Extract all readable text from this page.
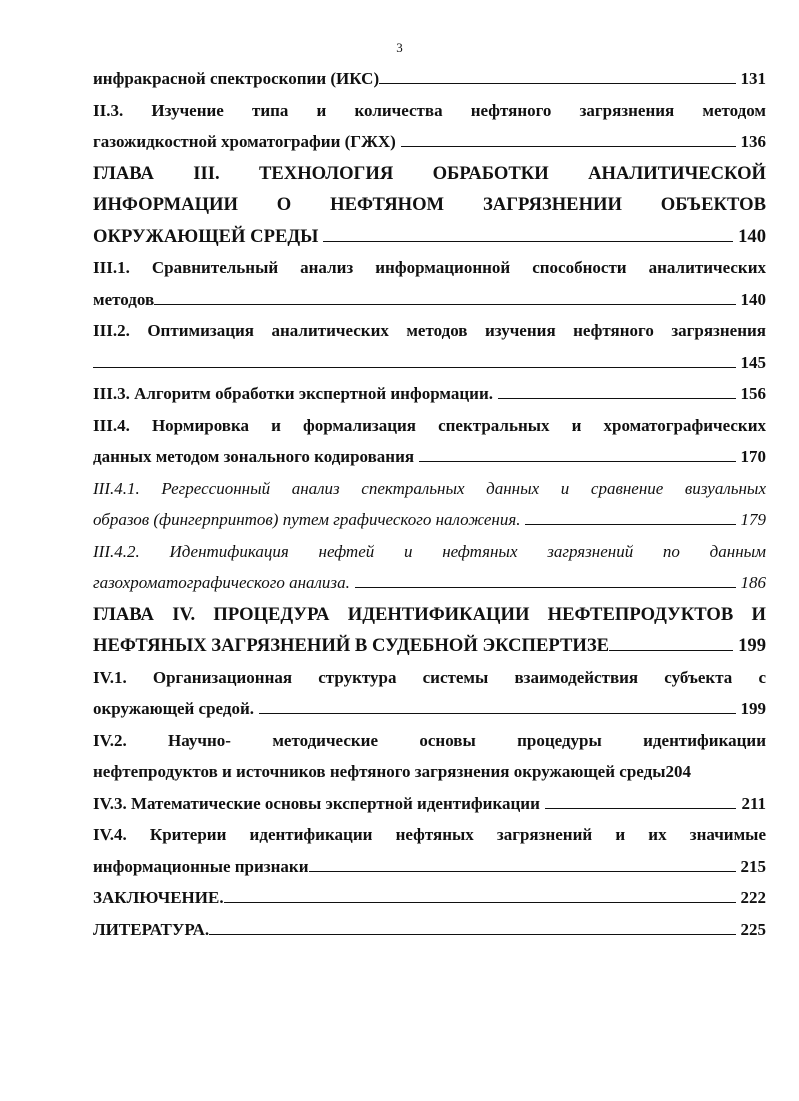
3
инфракрасной спектроскопии (ИКС)	131
II.3. Изучение типа и количества нефтяного загрязнения методом
газожидкостной хроматографии (ГЖХ)	136
ГЛАВА III. ТЕХНОЛОГИЯ ОБРАБОТКИ АНАЛИТИЧЕСКОЙ
ИНФОРМАЦИИ О НЕФТЯНОМ ЗАГРЯЗНЕНИИ ОБЪЕКТОВ
ОКРУЖАЮЩЕЙ СРЕДЫ	140
III.1. Сравнительный анализ информационной способности аналитических
методов	140
III.2. Оптимизация аналитических методов изучения нефтяного загрязнения
145
III.3. Алгоритм обработки экспертной информации.	156
III.4. Нормировка и формализация спектральных и хроматографических
данных методом зонального кодирования	170
III.4.1. Регрессионный анализ спектральных данных и сравнение визуальных
образов (фингерпринтов) путем графического наложения.	179
III.4.2. Идентификация нефтей и нефтяных загрязнений по данным
газохроматографического анализа.	186
ГЛАВА IV. ПРОЦЕДУРА ИДЕНТИФИКАЦИИ НЕФТЕПРОДУКТОВ И
НЕФТЯНЫХ ЗАГРЯЗНЕНИЙ В СУДЕБНОЙ ЭКСПЕРТИЗЕ	199
IV.1. Организационная структура системы взаимодействия субъекта с
окружающей средой.	199
IV.2. Научно- методические основы процедуры идентификации
нефтепродуктов и источников нефтяного загрязнения окружающей среды 204
IV.3. Математические основы экспертной идентификации	211
IV.4. Критерии идентификации нефтяных загрязнений и их значимые
информационные признаки	215
ЗАКЛЮЧЕНИЕ.	222
ЛИТЕРАТУРА.	225
